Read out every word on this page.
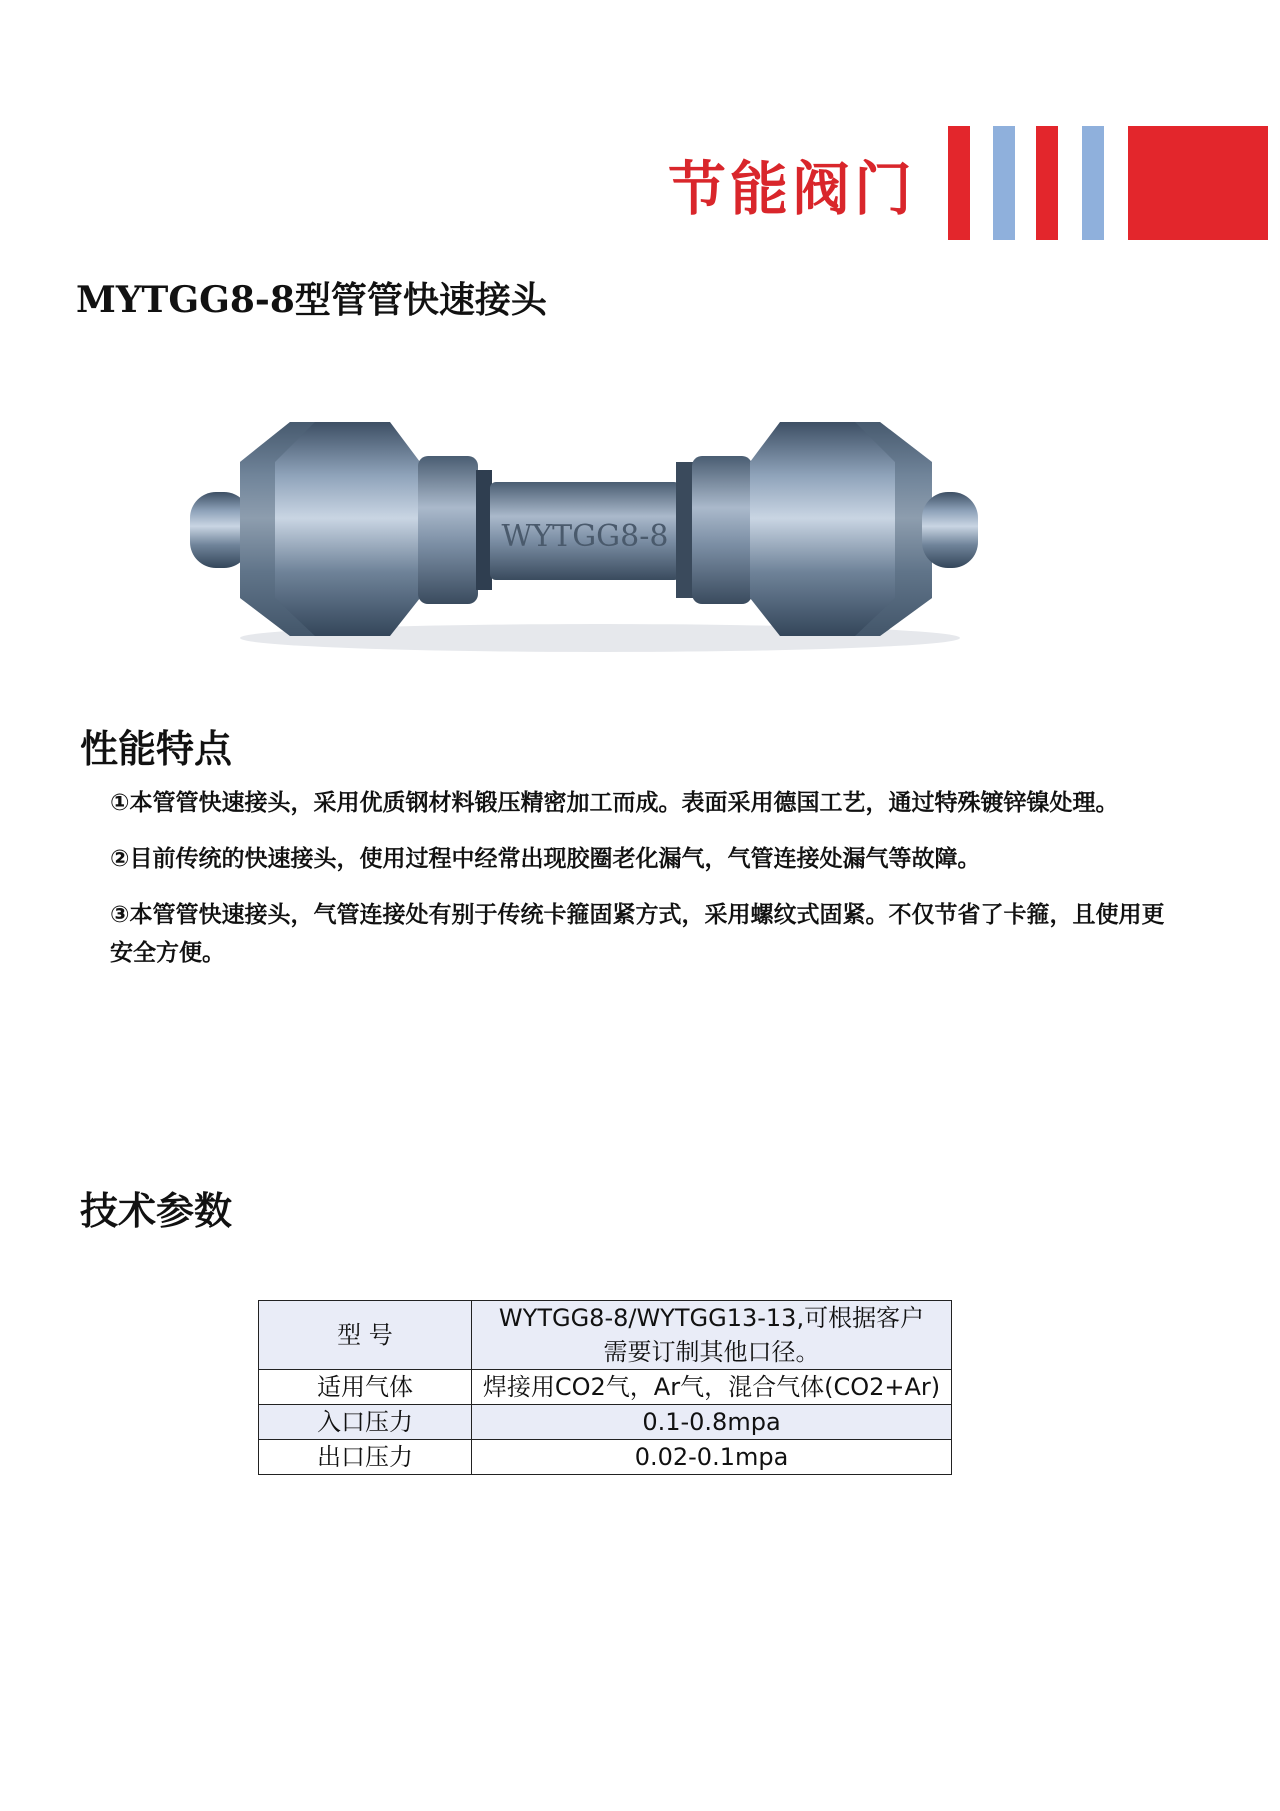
节能阀门
MYTGG8-8型管管快速接头
WYTGG8-8
性能特点

①本管管快速接头，采用优质钢材料锻压精密加工而成。表面采用德国工艺，通过特殊镀锌镍处理。

②目前传统的快速接头，使用过程中经常出现胶圈老化漏气，气管连接处漏气等故障。

③本管管快速接头，气管连接处有别于传统卡箍固紧方式，采用螺纹式固紧。不仅节省了卡箍，且使用更安全方便。

技术参数
型 号	WYTGG8-8/WYTGG13-13,可根据客户需要订制其他口径。
适用气体	焊接用CO2气，Ar气，混合气体(CO2+Ar)
入口压力	0.1-0.8mpa
出口压力	0.02-0.1mpa
